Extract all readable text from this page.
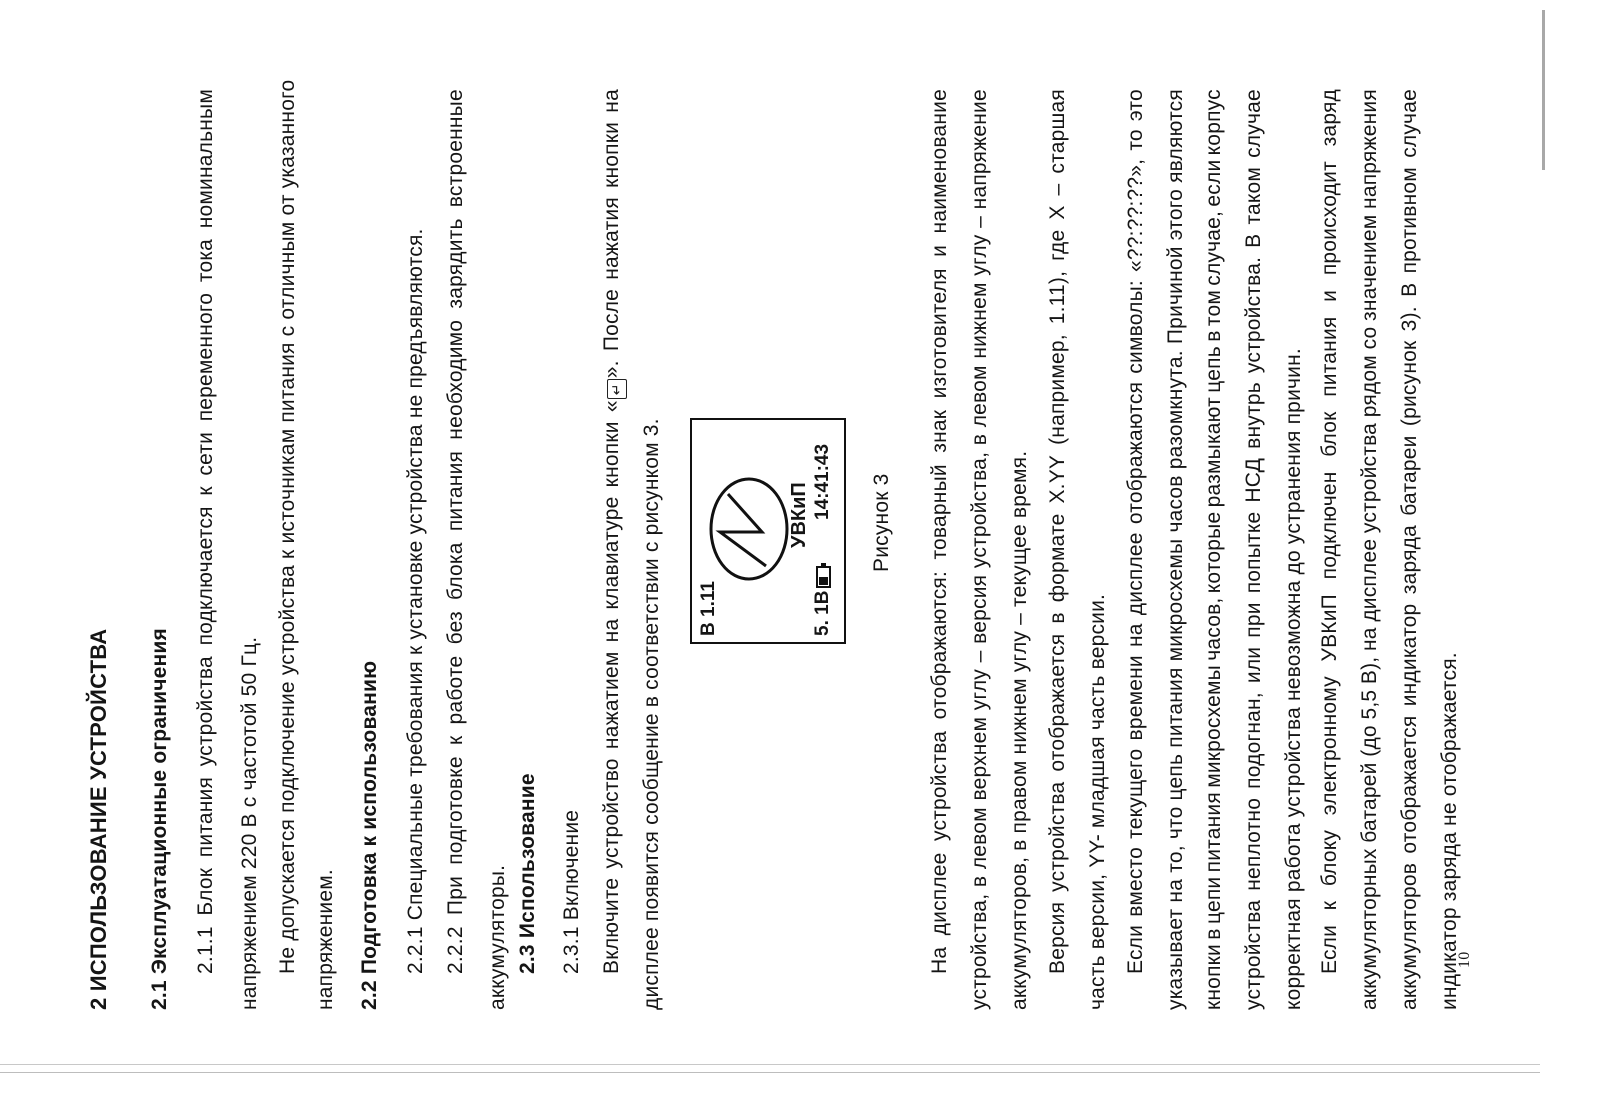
2 ИСПОЛЬЗОВАНИЕ УСТРОЙСТВА 2.1 Эксплуатационные ограничения 2.1.1
Блок
питания
устройства
подключается
к
сети
переменного
тока
номинальным
напряжением 220 В с частотой 50 Гц. Не допускается подключение устройства к источникам питания с отличным от указанного напряжением. 2.2 Подготовка к использованию 2.2.1 Специальные требования к установке устройства не предъявляются. 2.2.2
При
подготовке
к
работе
без
блока
питания
необходимо
зарядить
встроенные
аккумуляторы. 2.3 Использование 2.3.1 Включение Включите
устройство
нажатием
на
клавиатуре
кнопки
«↵».
После
нажатия
кнопки
на
дисплее появится сообщение в соответствии с рисунком 3. В 1.11
УВКиП
5. 1В
14:41:43 Рисунок 3
На
дисплее
устройства
отображаются:
товарный
знак
изготовителя
и
наименование
устройства,
в
левом
верхнем
углу
–
версия
устройства,
в
левом
нижнем
углу
–
напряжение
аккумуляторов, в правом нижнем углу – текущее время. Версия
устройства
отображается
в
формате
X.YY
(например,
1.11),
где
X
–
старшая
часть версии, YY- младшая часть версии. Если
вместо
текущего
времени
на
дисплее
отображаются
символы:
«??:??:??»,
то
это
указывает
на
то,
что
цепь
питания
микросхемы
часов
разомкнута.
Причиной
этого
являются
кнопки
в
цепи
питания
микросхемы
часов,
которые
размыкают
цепь
в
том
случае,
если
корпус
устройства
неплотно
подогнан,
или
при
попытке
НСД
внутрь
устройства.
В
таком
случае
корректная работа устройства невозможна до устранения причин. Если
к
блоку
электронному
УВКиП
подключен
блок
питания
и
происходит
заряд
аккумуляторных
батарей
(до
5,5
В),
на
дисплее
устройства
рядом
со
значением
напряжения
аккумуляторов
отображается
индикатор
заряда
батареи
(рисунок
3).
В
противном
случае
индикатор заряда не отображается.
10
